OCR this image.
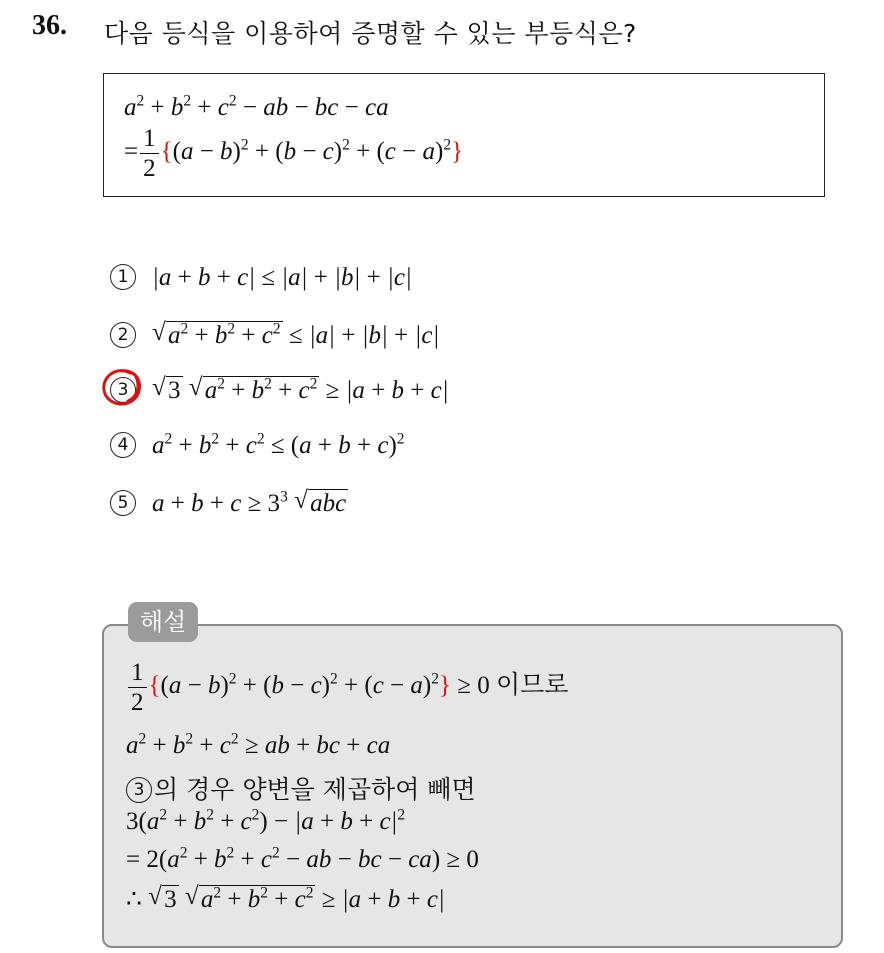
36. 다음 등식을 이용하여 증명할 수 있는 부등식은?
$a^2 + b^2 + c^2$ − ab − bc − ca
= $\frac{1}{2} \{(a - b)^2 + (b - c)^2 + (c - a)^2\}$
1 |a + b + c| ≤ |a| + |b| + |c|
2 √ $a^2 + b^2 + c^2 \le |a| + |b| + |c|$
3 √ 3 √ $a^2 + b^2 + c^2 \ge |a + b + c|$
4 $a^2 + b^2 + c^2 \le (a + b + c)^2$
5 $a + b + c \ge 3^3$ √ abc
해설
$\frac{1}{2} \{(a - b)^2 + (b - c)^2 + (c - a)^2\} \ge 0$ 이므로
$a^2 + b^2 + c^2$ ≥ ab + bc + ca
3 의 경우 양변을 제곱하여 빼면
$3(a^2 + b^2 + c^2) - |a + b + c|^2$
= $2(a^2 + b^2 + c^2$ − ab − bc − ca) ≥ 0
∴ √ 3 √ $a^2 + b^2 + c^2 \ge |a + b + c|$
